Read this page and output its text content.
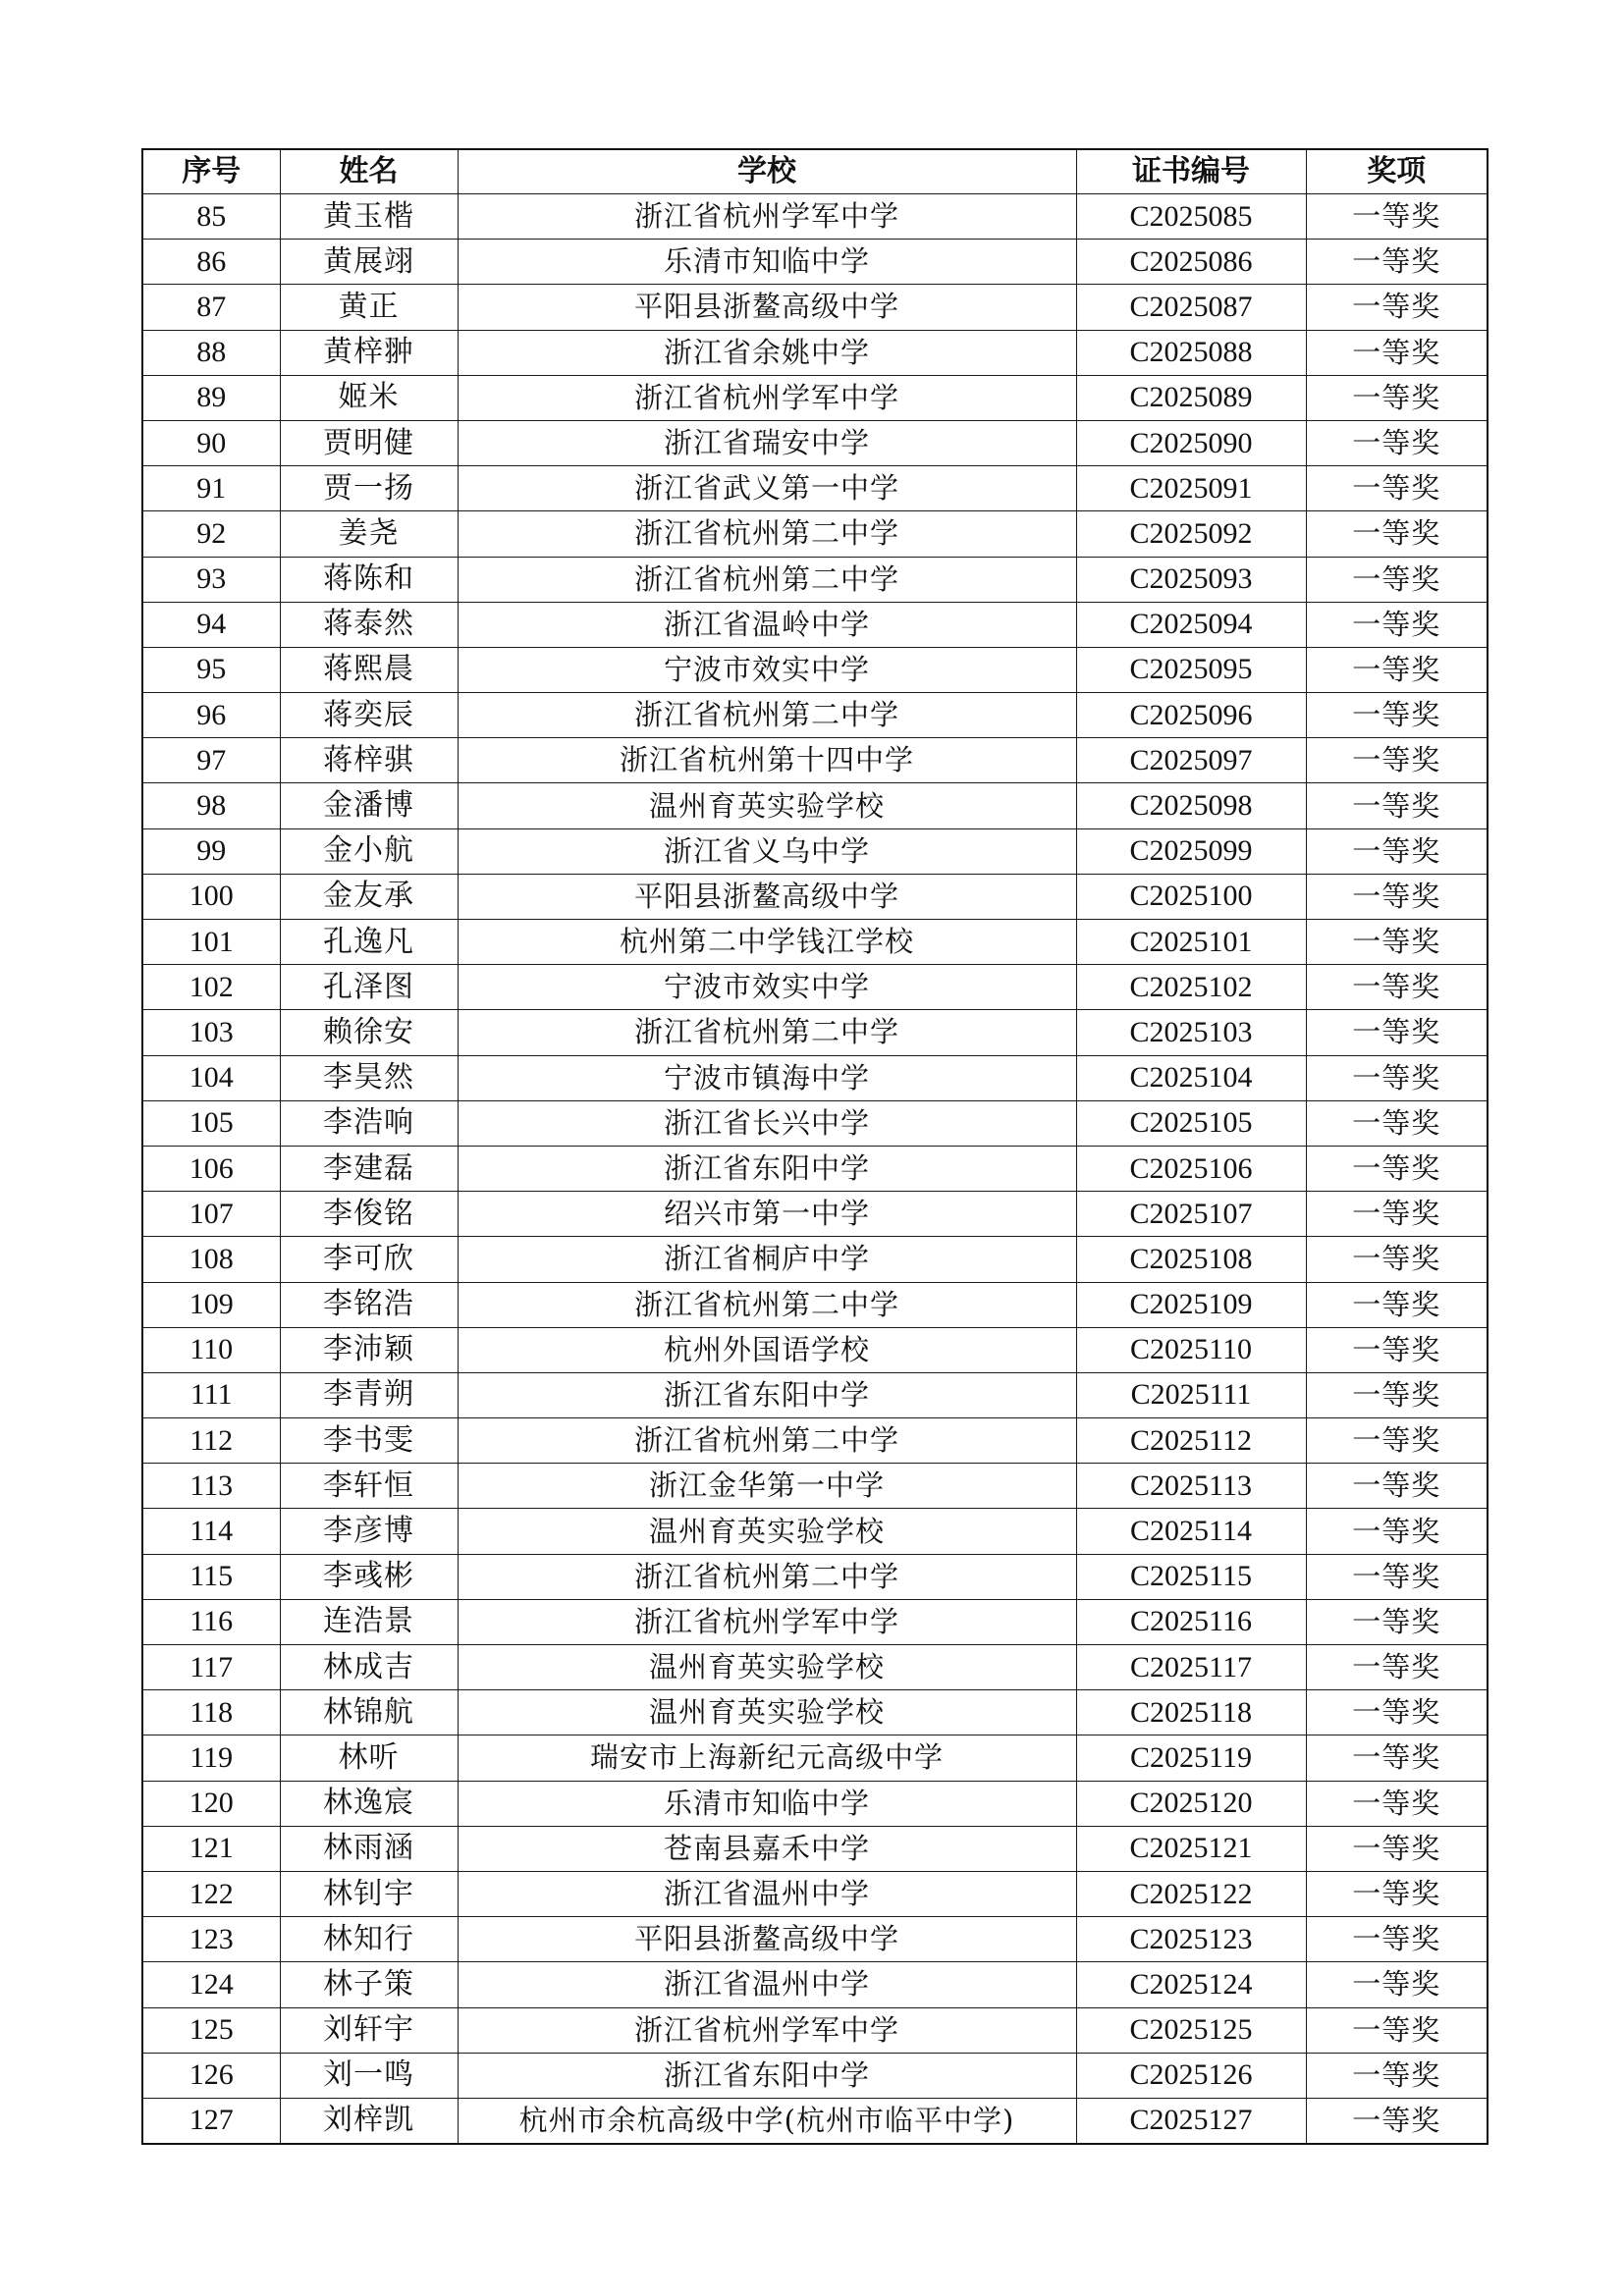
序号	姓名	学校	证书编号	奖项
85	黄玉楷	浙江省杭州学军中学	C2025085	一等奖
86	黄展翊	乐清市知临中学	C2025086	一等奖
87	黄正	平阳县浙鳌高级中学	C2025087	一等奖
88	黄梓翀	浙江省余姚中学	C2025088	一等奖
89	姬米	浙江省杭州学军中学	C2025089	一等奖
90	贾明健	浙江省瑞安中学	C2025090	一等奖
91	贾一扬	浙江省武义第一中学	C2025091	一等奖
92	姜尧	浙江省杭州第二中学	C2025092	一等奖
93	蒋陈和	浙江省杭州第二中学	C2025093	一等奖
94	蒋泰然	浙江省温岭中学	C2025094	一等奖
95	蒋熙晨	宁波市效实中学	C2025095	一等奖
96	蒋奕辰	浙江省杭州第二中学	C2025096	一等奖
97	蒋梓骐	浙江省杭州第十四中学	C2025097	一等奖
98	金潘博	温州育英实验学校	C2025098	一等奖
99	金小航	浙江省义乌中学	C2025099	一等奖
100	金友承	平阳县浙鳌高级中学	C2025100	一等奖
101	孔逸凡	杭州第二中学钱江学校	C2025101	一等奖
102	孔泽图	宁波市效实中学	C2025102	一等奖
103	赖徐安	浙江省杭州第二中学	C2025103	一等奖
104	李昊然	宁波市镇海中学	C2025104	一等奖
105	李浩响	浙江省长兴中学	C2025105	一等奖
106	李建磊	浙江省东阳中学	C2025106	一等奖
107	李俊铭	绍兴市第一中学	C2025107	一等奖
108	李可欣	浙江省桐庐中学	C2025108	一等奖
109	李铭浩	浙江省杭州第二中学	C2025109	一等奖
110	李沛颖	杭州外国语学校	C2025110	一等奖
111	李青朔	浙江省东阳中学	C2025111	一等奖
112	李书雯	浙江省杭州第二中学	C2025112	一等奖
113	李轩恒	浙江金华第一中学	C2025113	一等奖
114	李彦博	温州育英实验学校	C2025114	一等奖
115	李彧彬	浙江省杭州第二中学	C2025115	一等奖
116	连浩景	浙江省杭州学军中学	C2025116	一等奖
117	林成吉	温州育英实验学校	C2025117	一等奖
118	林锦航	温州育英实验学校	C2025118	一等奖
119	林听	瑞安市上海新纪元高级中学	C2025119	一等奖
120	林逸宸	乐清市知临中学	C2025120	一等奖
121	林雨涵	苍南县嘉禾中学	C2025121	一等奖
122	林钊宇	浙江省温州中学	C2025122	一等奖
123	林知行	平阳县浙鳌高级中学	C2025123	一等奖
124	林子策	浙江省温州中学	C2025124	一等奖
125	刘轩宇	浙江省杭州学军中学	C2025125	一等奖
126	刘一鸣	浙江省东阳中学	C2025126	一等奖
127	刘梓凯	杭州市余杭高级中学(杭州市临平中学)	C2025127	一等奖
